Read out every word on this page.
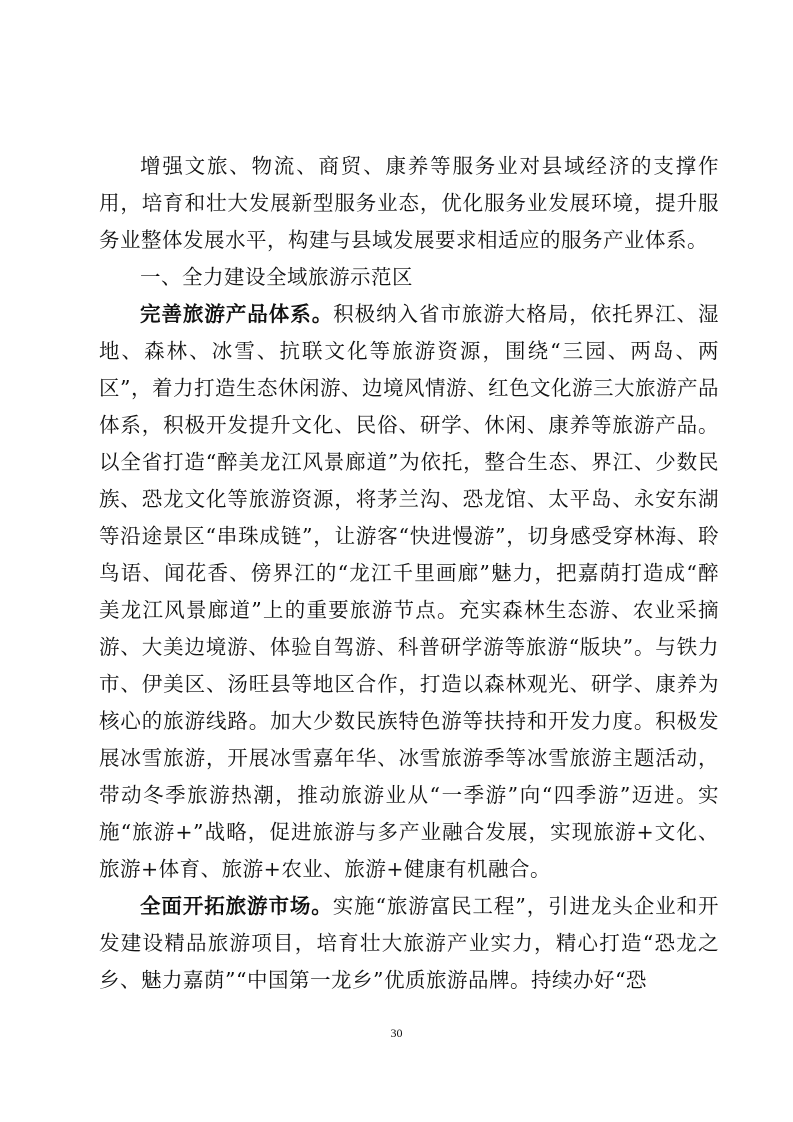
增强文旅、物流、商贸、康养等服务业对县域经济的支撑作用，培育和壮大发展新型服务业态，优化服务业发展环境，提升服务业整体发展水平，构建与县域发展要求相适应的服务产业体系。

一、全力建设全域旅游示范区

完善旅游产品体系。积极纳入省市旅游大格局，依托界江、湿地、森林、冰雪、抗联文化等旅游资源，围绕“三园、两岛、两区”，着力打造生态休闲游、边境风情游、红色文化游三大旅游产品体系，积极开发提升文化、民俗、研学、休闲、康养等旅游产品。以全省打造“醉美龙江风景廊道”为依托，整合生态、界江、少数民族、恐龙文化等旅游资源，将茅兰沟、恐龙馆、太平岛、永安东湖等沿途景区“串珠成链”，让游客“快进慢游”，切身感受穿林海、聆鸟语、闻花香、傍界江的“龙江千里画廊”魅力，把嘉荫打造成“醉美龙江风景廊道”上的重要旅游节点。充实森林生态游、农业采摘游、大美边境游、体验自驾游、科普研学游等旅游“版块”。与铁力市、伊美区、汤旺县等地区合作，打造以森林观光、研学、康养为核心的旅游线路。加大少数民族特色游等扶持和开发力度。积极发展冰雪旅游，开展冰雪嘉年华、冰雪旅游季等冰雪旅游主题活动，带动冬季旅游热潮，推动旅游业从“一季游”向“四季游”迈进。实施“旅游+”战略，促进旅游与多产业融合发展，实现旅游+文化、旅游+体育、旅游+农业、旅游+健康有机融合。

全面开拓旅游市场。实施“旅游富民工程”，引进龙头企业和开发建设精品旅游项目，培育壮大旅游产业实力，精心打造“恐龙之乡、魅力嘉荫”“中国第一龙乡”优质旅游品牌。持续办好“恐

30
